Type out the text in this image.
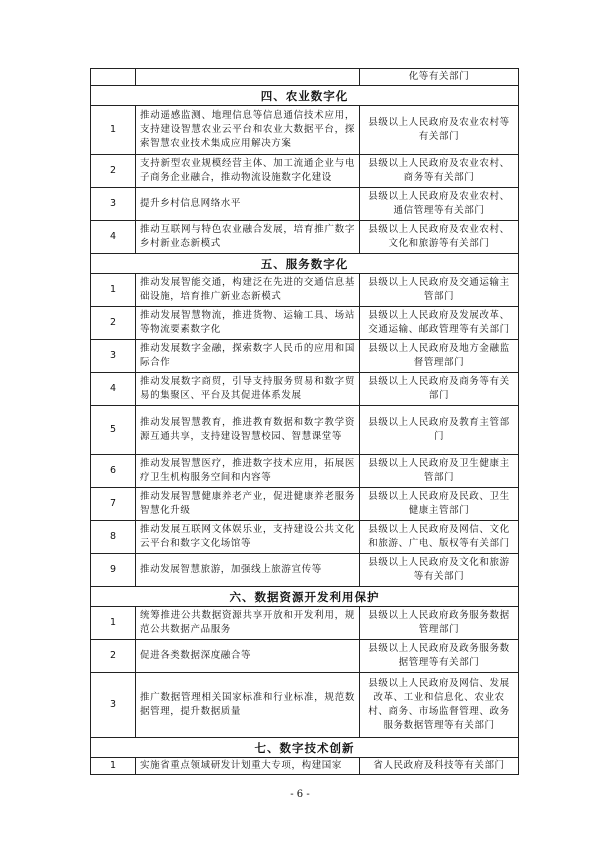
		化等有关部门
四、农业数字化		
1	推动遥感监测、地理信息等信息通信技术应用，支持建设智慧农业云平台和农业大数据平台，探索智慧农业技术集成应用解决方案	县级以上人民政府及农业农村等有关部门
2	支持新型农业规模经营主体、加工流通企业与电子商务企业融合，推动物流设施数字化建设	县级以上人民政府及农业农村、商务等有关部门
3	提升乡村信息网络水平	县级以上人民政府及农业农村、通信管理等有关部门
4	推动互联网与特色农业融合发展，培育推广数字乡村新业态新模式	县级以上人民政府及农业农村、文化和旅游等有关部门
五、服务数字化		
1	推动发展智能交通，构建泛在先进的交通信息基础设施，培育推广新业态新模式	县级以上人民政府及交通运输主管部门
2	推动发展智慧物流，推进货物、运输工具、场站等物流要素数字化	县级以上人民政府及发展改革、交通运输、邮政管理等有关部门
3	推动发展数字金融，探索数字人民币的应用和国际合作	县级以上人民政府及地方金融监督管理部门
4	推动发展数字商贸，引导支持服务贸易和数字贸易的集聚区、平台及其促进体系发展	县级以上人民政府及商务等有关部门
5	推动发展智慧教育，推进教育数据和数字教学资源互通共享，支持建设智慧校园、智慧课堂等	县级以上人民政府及教育主管部门
6	推动发展智慧医疗，推进数字技术应用，拓展医疗卫生机构服务空间和内容等	县级以上人民政府及卫生健康主管部门
7	推动发展智慧健康养老产业，促进健康养老服务智慧化升级	县级以上人民政府及民政、卫生健康主管部门
8	推动发展互联网文体娱乐业，支持建设公共文化云平台和数字文化场馆等	县级以上人民政府及网信、文化和旅游、广电、版权等有关部门
9	推动发展智慧旅游，加强线上旅游宣传等	县级以上人民政府及文化和旅游等有关部门
六、数据资源开发利用保护		
1	统筹推进公共数据资源共享开放和开发利用，规范公共数据产品服务	县级以上人民政府政务服务数据管理部门
2	促进各类数据深度融合等	县级以上人民政府及政务服务数据管理等有关部门
3	推广数据管理相关国家标准和行业标准，规范数据管理，提升数据质量	县级以上人民政府及网信、发展改革、工业和信息化、农业农村、商务、市场监督管理、政务服务数据管理等有关部门
七、数字技术创新		
1	实施省重点领域研发计划重大专项，构建国家	省人民政府及科技等有关部门
- 6 -
